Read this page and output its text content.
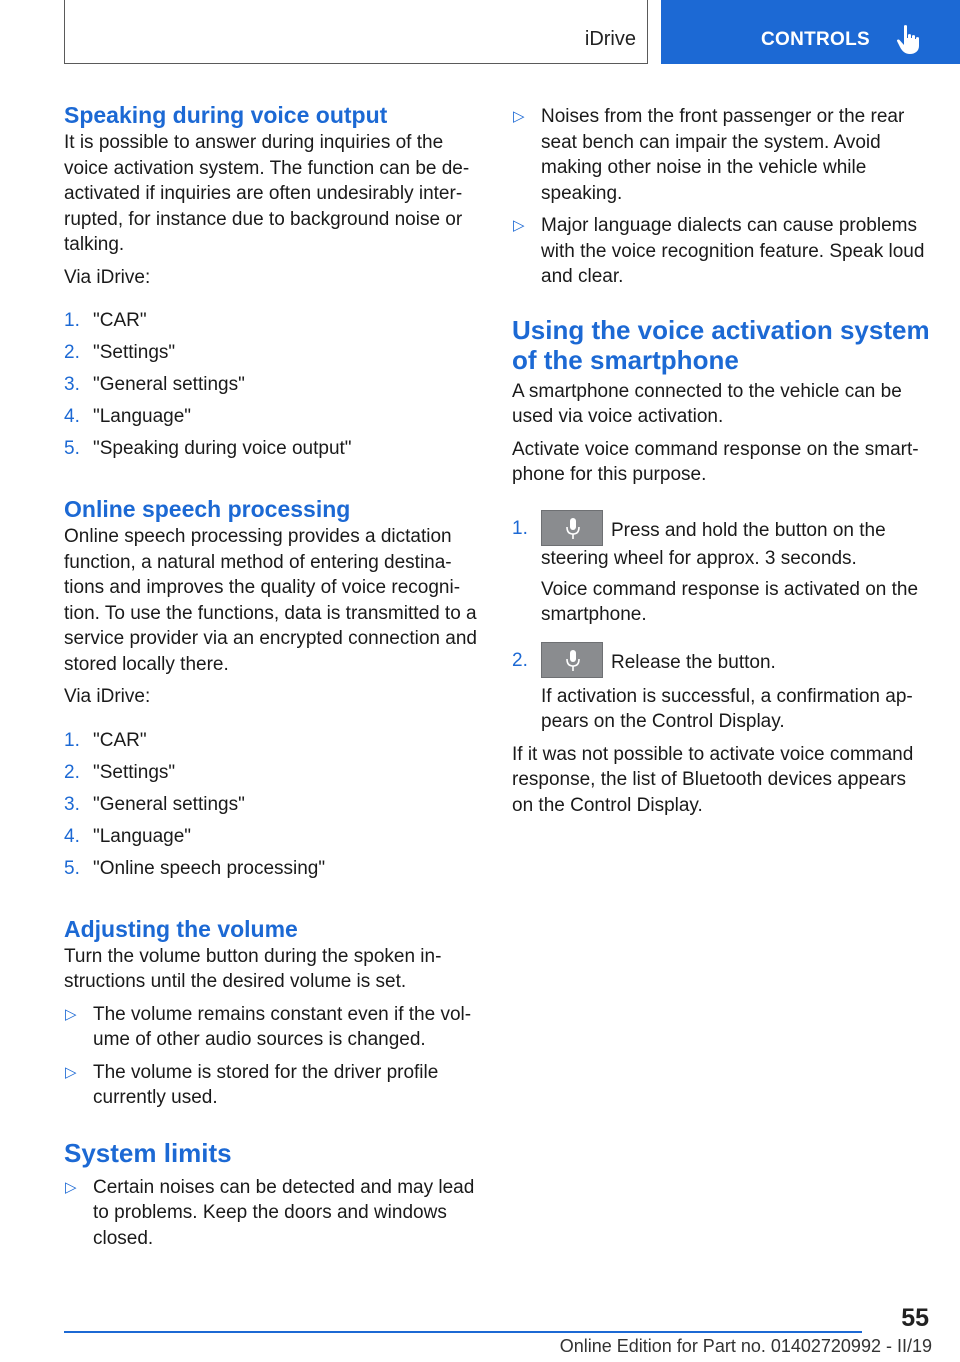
iDrive	CONTROLS
Speaking during voice output

It is possible to answer during inquiries of the voice activation system. The function can be de‐ activated if inquiries are often undesirably inter‐ rupted, for instance due to background noise or talking.

Via iDrive:

1. "CAR"
2. "Settings"
3. "General settings"
4. "Language"
5. "Speaking during voice output"
Online speech processing

Online speech processing provides a dictation function, a natural method of entering destina‐ tions and improves the quality of voice recogni‐ tion. To use the functions, data is transmitted to a service provider via an encrypted connection and stored locally there.

Via iDrive:

1. "CAR"
2. "Settings"
3. "General settings"
4. "Language"
5. "Online speech processing"
Adjusting the volume

Turn the volume button during the spoken in‐ structions until the desired volume is set.

▷ The volume remains constant even if the vol‐ ume of other audio sources is changed.
▷ The volume is stored for the driver profile currently used.
System limits
▷ Certain noises can be detected and may lead to problems. Keep the doors and windows closed.
▷ Noises from the front passenger or the rear seat bench can impair the system. Avoid making other noise in the vehicle while speaking.
▷ Major language dialects can cause problems with the voice recognition feature. Speak loud and clear.
Using the voice activation system of the smartphone

A smartphone connected to the vehicle can be used via voice activation.

Activate voice command response on the smart‐ phone for this purpose.

1.	Press and hold the button on the steering wheel for approx. 3 seconds.

Voice command response is activated on the smartphone.

2.	Release the button.

If activation is successful, a confirmation ap‐ pears on the Control Display.

If it was not possible to activate voice command response, the list of Bluetooth devices appears on the Control Display.

55
Online Edition for Part no. 01402720992 - II/19
